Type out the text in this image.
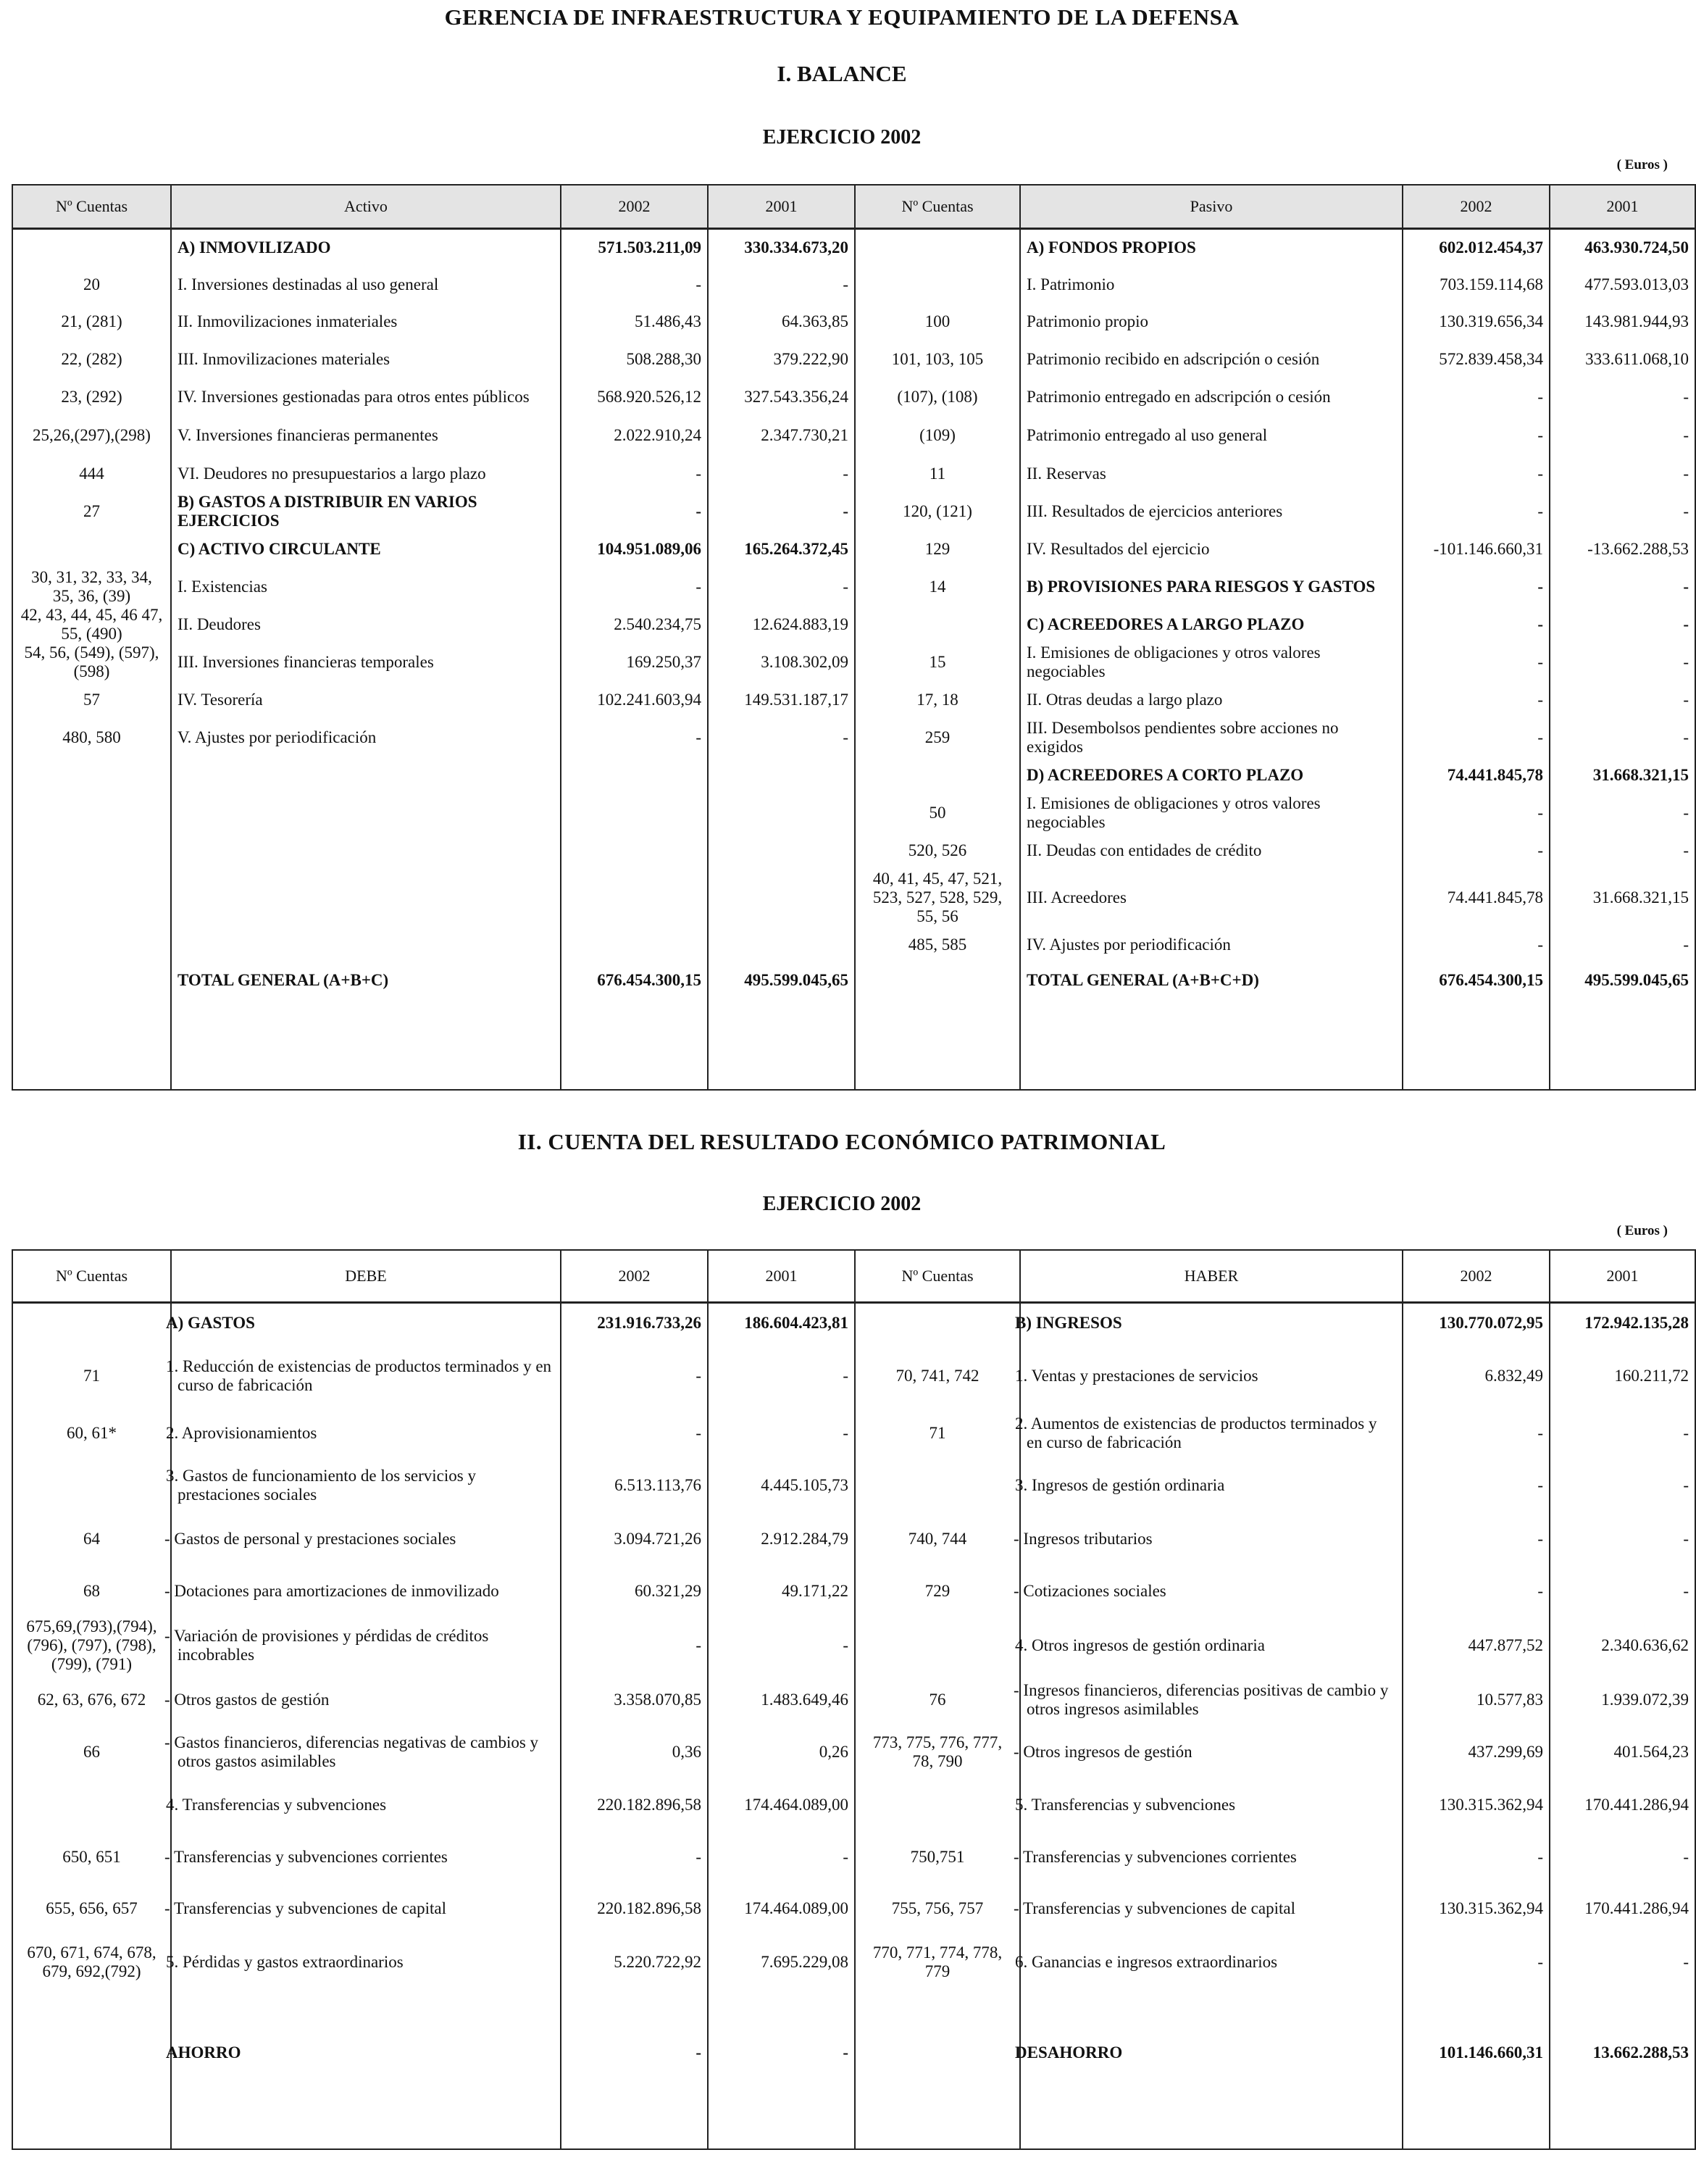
GERENCIA DE INFRAESTRUCTURA Y EQUIPAMIENTO DE LA DEFENSA
I. BALANCE
EJERCICIO 2002
( Euros )
Nº Cuentas	Activo	2002	2001	Nº Cuentas	Pasivo	2002	2001
	A) INMOVILIZADO	571.503.211,09	330.334.673,20		A) FONDOS PROPIOS	602.012.454,37	463.930.724,50
20	I. Inversiones destinadas al uso general	-	-		I. Patrimonio	703.159.114,68	477.593.013,03
21, (281)	II. Inmovilizaciones inmateriales	51.486,43	64.363,85	100	Patrimonio propio	130.319.656,34	143.981.944,93
22, (282)	III. Inmovilizaciones materiales	508.288,30	379.222,90	101, 103, 105	Patrimonio recibido en adscripción o cesión	572.839.458,34	333.611.068,10
23, (292)	IV. Inversiones gestionadas para otros entes públicos	568.920.526,12	327.543.356,24	(107), (108)	Patrimonio entregado en adscripción o cesión	-	-
25,26,(297),(298)	V. Inversiones financieras permanentes	2.022.910,24	2.347.730,21	(109)	Patrimonio entregado al uso general	-	-
444	VI. Deudores no presupuestarios a largo plazo	-	-	11	II. Reservas	-	-
27	B) GASTOS A DISTRIBUIR EN VARIOS EJERCICIOS	-	-	120, (121)	III. Resultados de ejercicios anteriores	-	-
	C) ACTIVO CIRCULANTE	104.951.089,06	165.264.372,45	129	IV. Resultados del ejercicio	-101.146.660,31	-13.662.288,53
30, 31, 32, 33, 34, 35, 36, (39)	I. Existencias	-	-	14	B) PROVISIONES PARA RIESGOS Y GASTOS	-	-
42, 43, 44, 45, 46 47, 55, (490)	II. Deudores	2.540.234,75	12.624.883,19		C) ACREEDORES A LARGO PLAZO	-	-
54, 56, (549), (597), (598)	III. Inversiones financieras temporales	169.250,37	3.108.302,09	15	I. Emisiones de obligaciones y otros valores negociables	-	-
57	IV. Tesorería	102.241.603,94	149.531.187,17	17, 18	II. Otras deudas a largo plazo	-	-
480, 580	V. Ajustes por periodificación	-	-	259	III. Desembolsos pendientes sobre acciones no exigidos	-	-
					D) ACREEDORES A CORTO PLAZO	74.441.845,78	31.668.321,15
				50	I. Emisiones de obligaciones y otros valores negociables	-	-
				520, 526	II. Deudas con entidades de crédito	-	-
				40, 41, 45, 47, 521, 523, 527, 528, 529, 55, 56	III. Acreedores	74.441.845,78	31.668.321,15
				485, 585	IV. Ajustes por periodificación	-	-
	TOTAL GENERAL (A+B+C)	676.454.300,15	495.599.045,65		TOTAL GENERAL (A+B+C+D)	676.454.300,15	495.599.045,65
II. CUENTA DEL RESULTADO ECONÓMICO PATRIMONIAL
EJERCICIO 2002
( Euros )
Nº Cuentas	DEBE	2002	2001	Nº Cuentas	HABER	2002	2001
	A) GASTOS	231.916.733,26	186.604.423,81		B) INGRESOS	130.770.072,95	172.942.135,28
71	1. Reducción de existencias de productos terminados y en curso de fabricación	-	-	70, 741, 742	1. Ventas y prestaciones de servicios	6.832,49	160.211,72
60, 61*	2. Aprovisionamientos	-	-	71	2. Aumentos de existencias de productos terminados y en curso de fabricación	-	-
	3. Gastos de funcionamiento de los servicios y prestaciones sociales	6.513.113,76	4.445.105,73		3. Ingresos de gestión ordinaria	-	-
64	- Gastos de personal y prestaciones sociales	3.094.721,26	2.912.284,79	740, 744	- Ingresos tributarios	-	-
68	- Dotaciones para amortizaciones de inmovilizado	60.321,29	49.171,22	729	- Cotizaciones sociales	-	-
675,69,(793),(794), (796), (797), (798), (799), (791)	- Variación de provisiones y pérdidas de créditos incobrables	-	-		4. Otros ingresos de gestión ordinaria	447.877,52	2.340.636,62
62, 63, 676, 672	- Otros gastos de gestión	3.358.070,85	1.483.649,46	76	- Ingresos financieros, diferencias positivas de cambio y otros ingresos asimilables	10.577,83	1.939.072,39
66	- Gastos financieros, diferencias negativas de cambios y otros gastos asimilables	0,36	0,26	773, 775, 776, 777, 78, 790	- Otros ingresos de gestión	437.299,69	401.564,23
	4. Transferencias y subvenciones	220.182.896,58	174.464.089,00		5. Transferencias y subvenciones	130.315.362,94	170.441.286,94
650, 651	- Transferencias y subvenciones corrientes	-	-	750,751	- Transferencias y subvenciones corrientes	-	-
655, 656, 657	- Transferencias y subvenciones de capital	220.182.896,58	174.464.089,00	755, 756, 757	- Transferencias y subvenciones de capital	130.315.362,94	170.441.286,94
670, 671, 674, 678, 679, 692,(792)	5. Pérdidas y gastos extraordinarios	5.220.722,92	7.695.229,08	770, 771, 774, 778, 779	6. Ganancias e ingresos extraordinarios	-	-
	AHORRO	-	-		DESAHORRO	101.146.660,31	13.662.288,53
